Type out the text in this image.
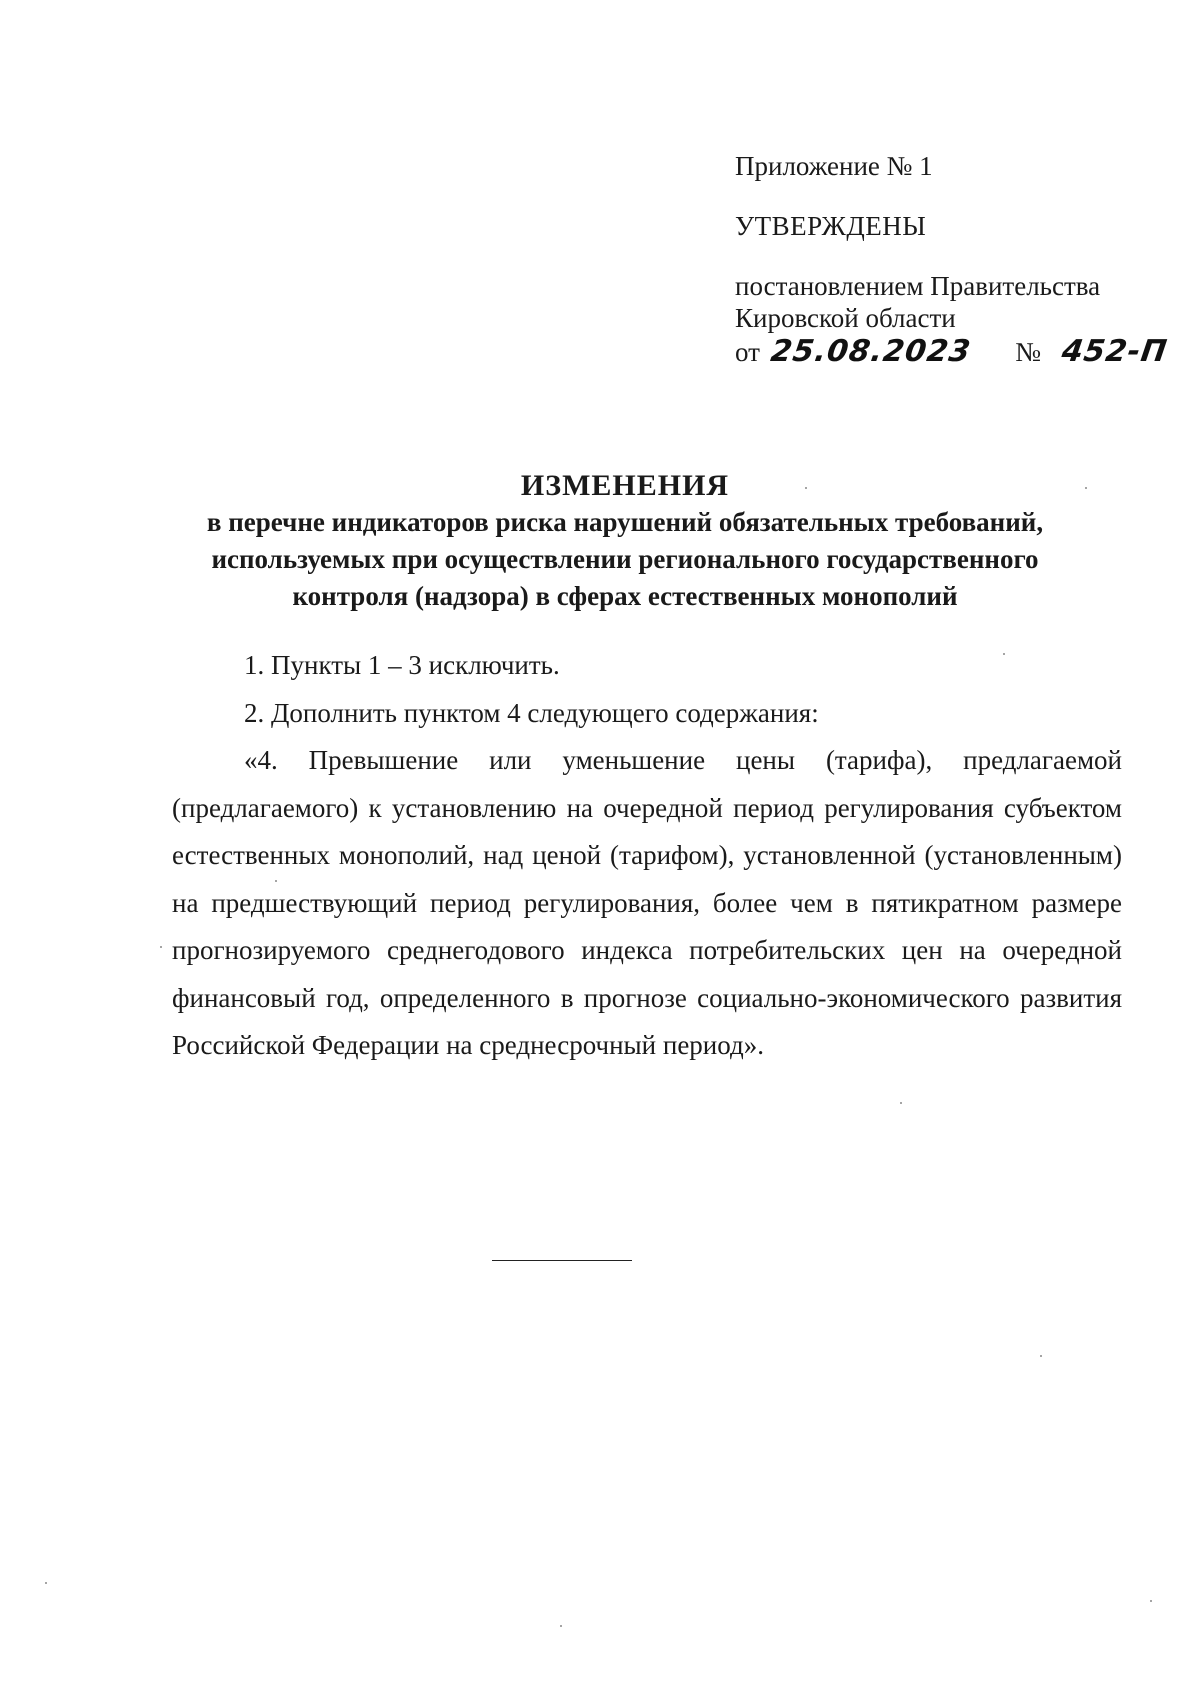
Приложение № 1

УТВЕРЖДЕНЫ

постановлением Правительства

Кировской области

от 25.08.2023 № 452-П

ИЗМЕНЕНИЯ

в перечне индикаторов риска нарушений обязательных требований,

используемых при осуществлении регионального государственного

контроля (надзора) в сферах естественных монополий

1. Пункты 1 – 3 исключить.

2. Дополнить пунктом 4 следующего содержания:

«4. Превышение или уменьшение цены (тарифа), предлагаемой (предлагаемого) к установлению на очередной период регулирования субъектом естественных монополий, над ценой (тарифом), установленной (установленным) на предшествующий период регулирования, более чем в пятикратном размере прогнозируемого среднегодового индекса потребительских цен на очередной финансовый год, определенного в прогнозе социально-экономического развития Российской Федерации на среднесрочный период».
